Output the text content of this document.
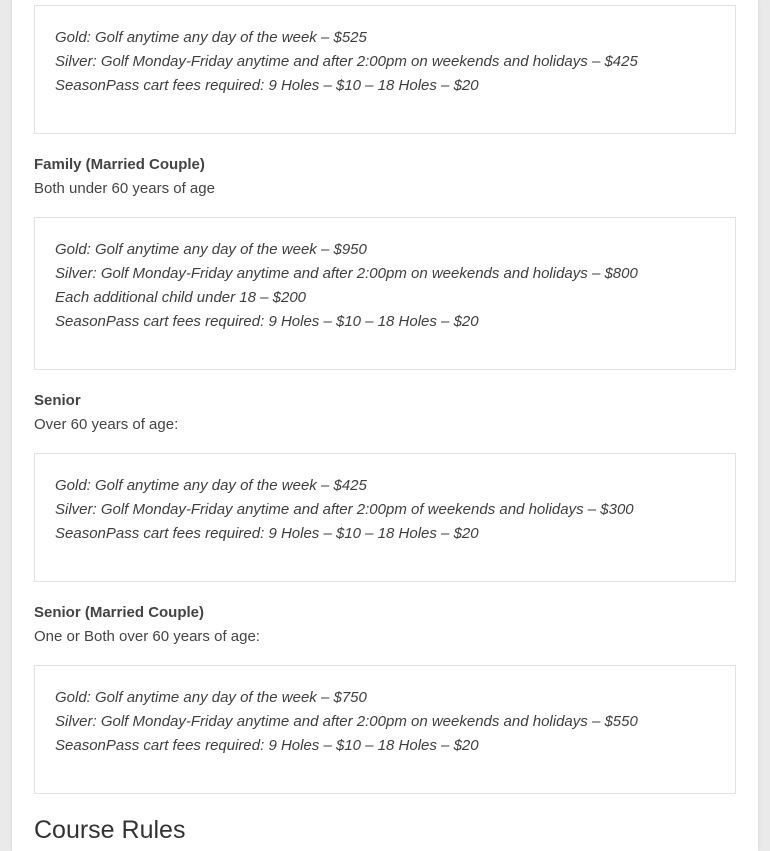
Gold: Golf anytime any day of the week – $525
Silver: Golf Monday-Friday anytime and after 2:00pm on weekends and holidays – $425
SeasonPass cart fees required: 9 Holes – $10 – 18 Holes – $20
Family (Married Couple)
Both under 60 years of age
Gold: Golf anytime any day of the week – $950
Silver: Golf Monday-Friday anytime and after 2:00pm on weekends and holidays – $800
Each additional child under 18 – $200
SeasonPass cart fees required: 9 Holes – $10 – 18 Holes – $20
Senior
Over 60 years of age:
Gold: Golf anytime any day of the week – $425
Silver: Golf Monday-Friday anytime and after 2:00pm of weekends and holidays – $300
SeasonPass cart fees required: 9 Holes – $10 – 18 Holes – $20
Senior (Married Couple)
One or Both over 60 years of age:
Gold: Golf anytime any day of the week – $750
Silver: Golf Monday-Friday anytime and after 2:00pm on weekends and holidays – $550
SeasonPass cart fees required: 9 Holes – $10 – 18 Holes – $20
Course Rules
